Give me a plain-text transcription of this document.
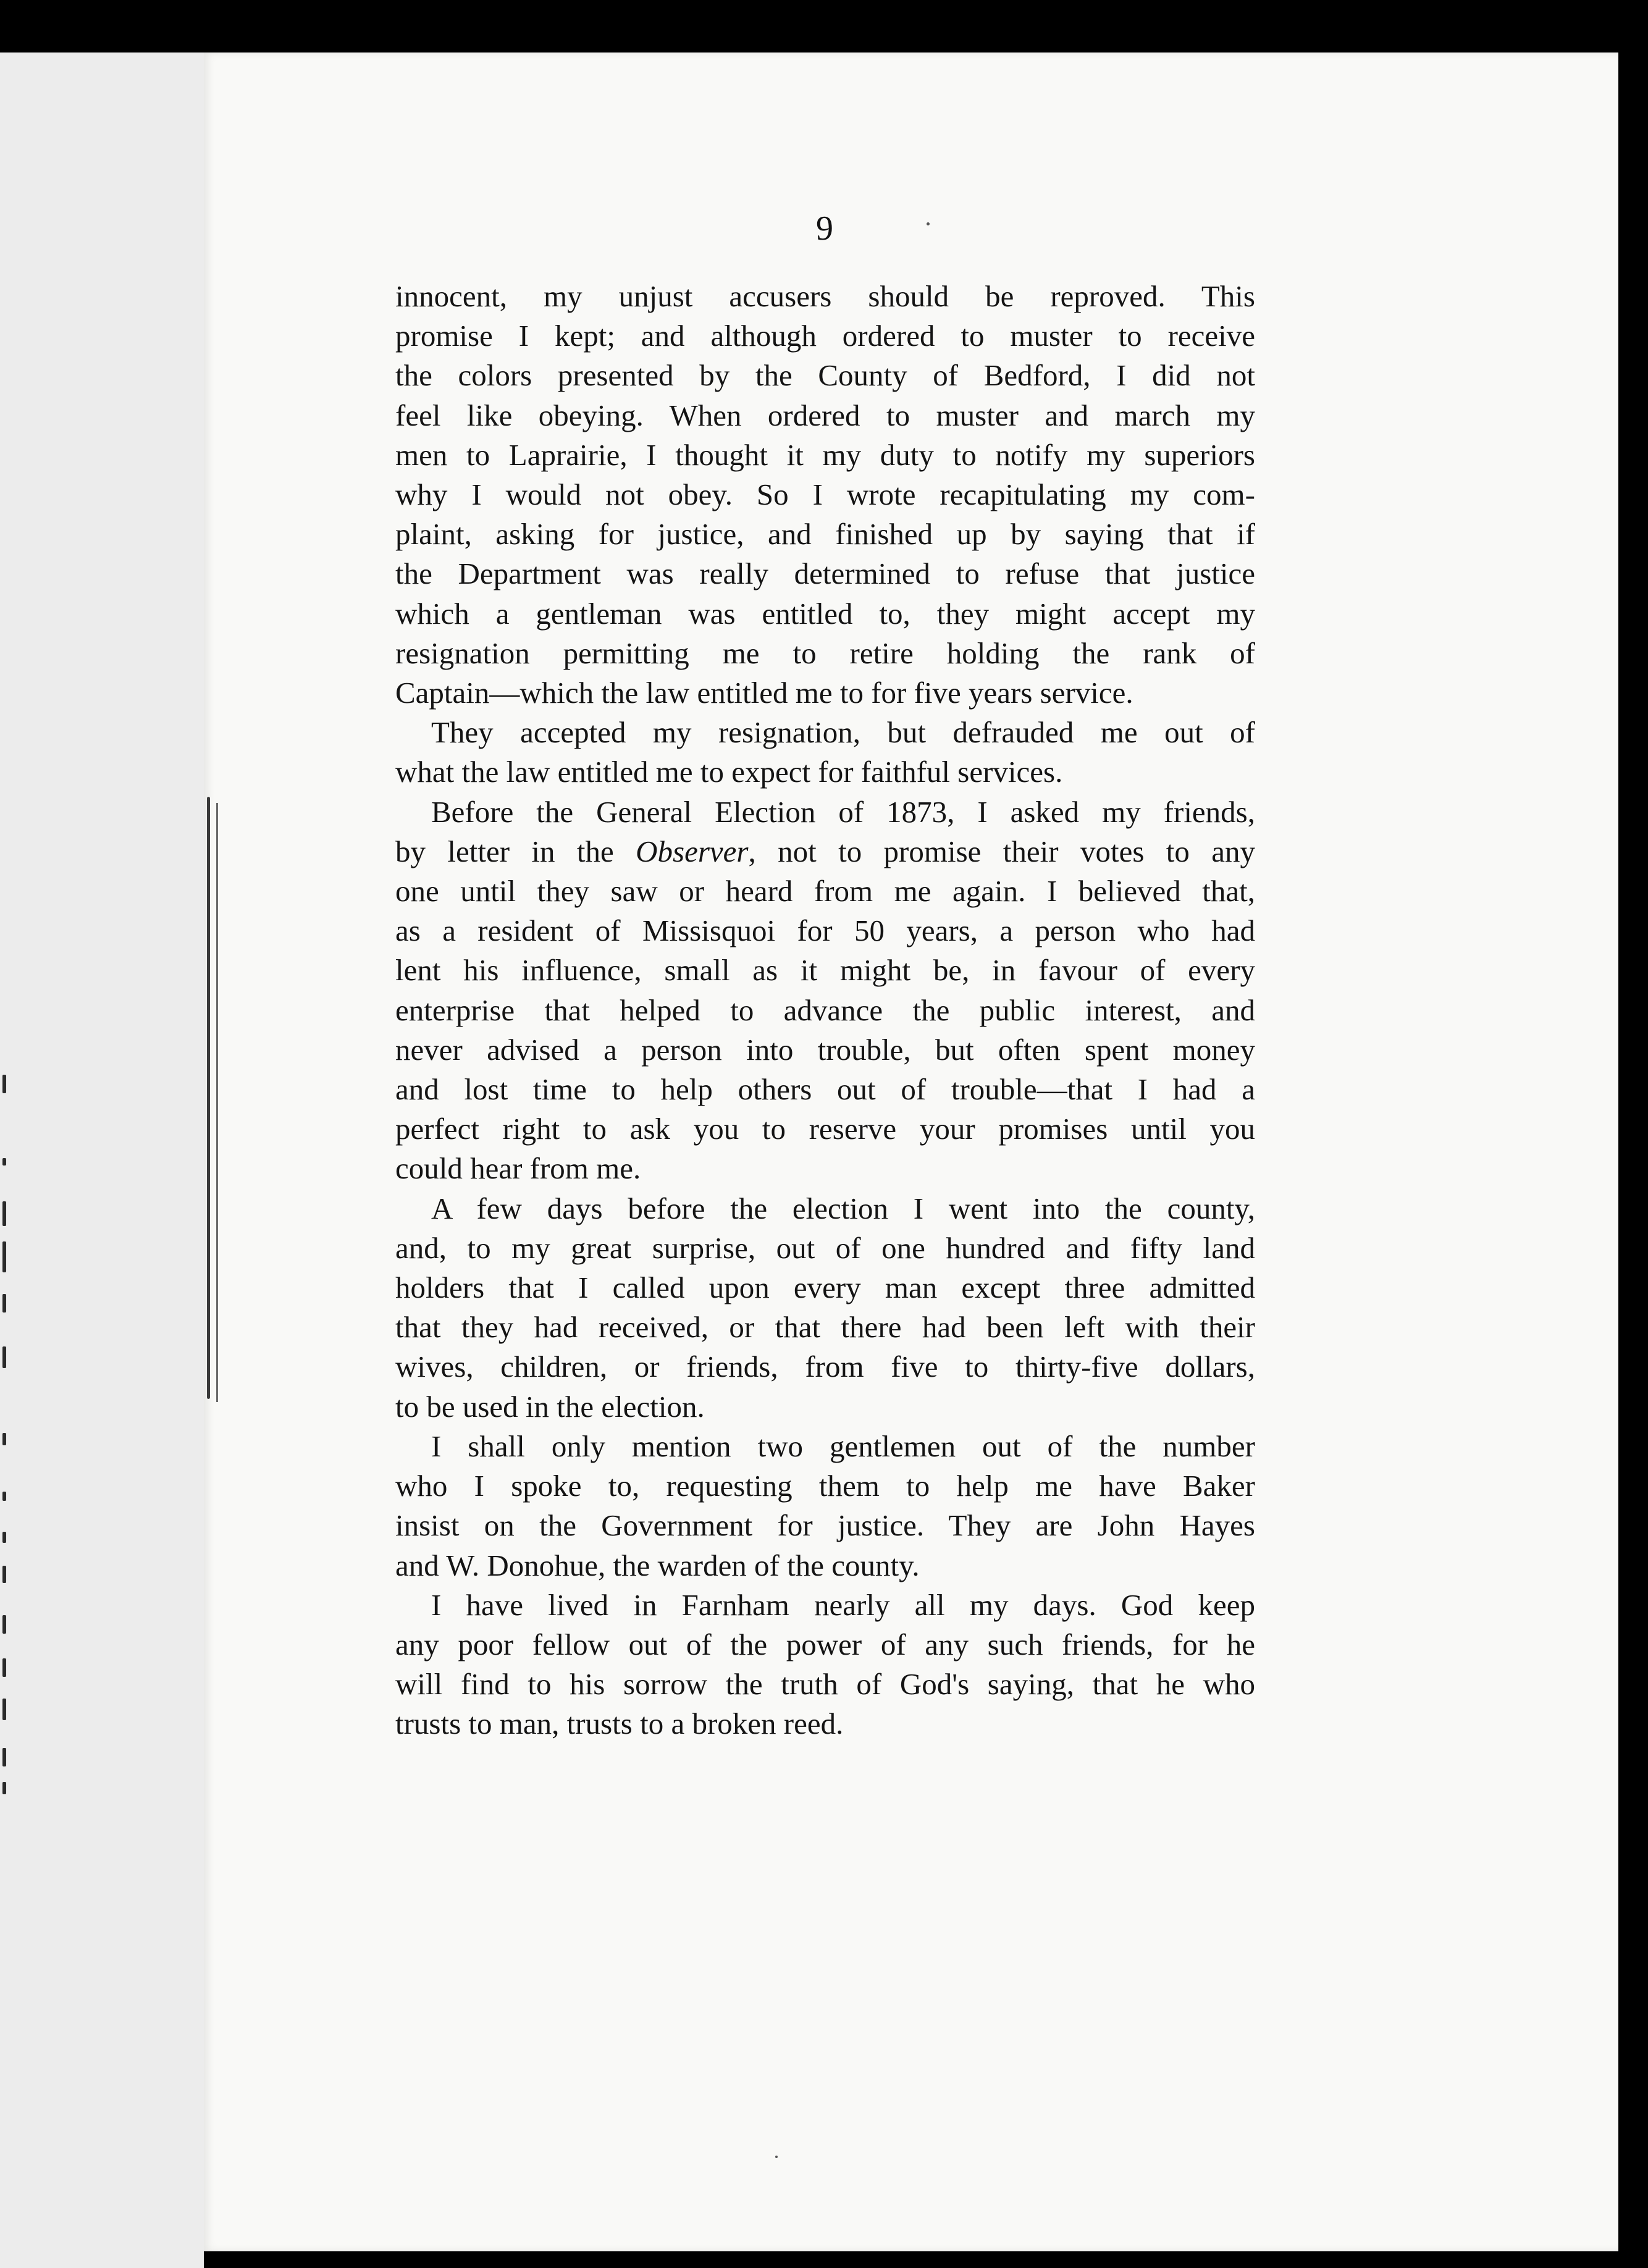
9

innocent, my unjust accusers should be reproved. This
promise I kept; and although ordered to muster to receive
the colors presented by the County of Bedford, I did not
feel like obeying. When ordered to muster and march my
men to Laprairie, I thought it my duty to notify my superiors
why I would not obey. So I wrote recapitulating my com-
plaint, asking for justice, and finished up by saying that if
the Department was really determined to refuse that justice
which a gentleman was entitled to, they might accept my
resignation permitting me to retire holding the rank of
Captain—which the law entitled me to for five years service.

They accepted my resignation, but defrauded me out of
what the law entitled me to expect for faithful services.

Before the General Election of 1873, I asked my friends,
by letter in the Observer, not to promise their votes to any
one until they saw or heard from me again. I believed that,
as a resident of Missisquoi for 50 years, a person who had
lent his influence, small as it might be, in favour of every
enterprise that helped to advance the public interest, and
never advised a person into trouble, but often spent money
and lost time to help others out of trouble—that I had a
perfect right to ask you to reserve your promises until you
could hear from me.

A few days before the election I went into the county,
and, to my great surprise, out of one hundred and fifty land
holders that I called upon every man except three admitted
that they had received, or that there had been left with their
wives, children, or friends, from five to thirty-five dollars,
to be used in the election.

I shall only mention two gentlemen out of the number
who I spoke to, requesting them to help me have Baker
insist on the Government for justice. They are John Hayes
and W. Donohue, the warden of the county.

I have lived in Farnham nearly all my days. God keep
any poor fellow out of the power of any such friends, for he
will find to his sorrow the truth of God's saying, that he who
trusts to man, trusts to a broken reed.
